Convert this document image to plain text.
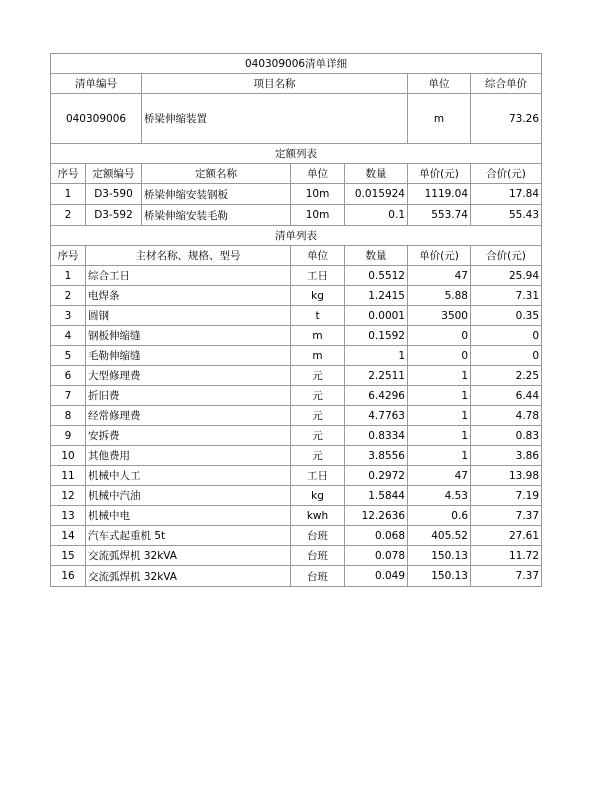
040309006清单详细						
清单编号		项目名称			单位	综合单价
040309006		桥梁伸缩装置			m	73.26
定额列表						
序号	定额编号	定额名称	单位	数量	单价(元)	合价(元)
1	D3-590	桥梁伸缩安装钢板	10m	0.015924	1119.04	17.84
2	D3-592	桥梁伸缩安装毛勒	10m	0.1	553.74	55.43
清单列表						
序号	主材名称、规格、型号		单位	数量	单价(元)	合价(元)
1	综合工日		工日	0.5512	47	25.94
2	电焊条		kg	1.2415	5.88	7.31
3	圆钢		t	0.0001	3500	0.35
4	钢板伸缩缝		m	0.1592	0	0
5	毛勒伸缩缝		m	1	0	0
6	大型修理费		元	2.2511	1	2.25
7	折旧费		元	6.4296	1	6.44
8	经常修理费		元	4.7763	1	4.78
9	安拆费		元	0.8334	1	0.83
10	其他费用		元	3.8556	1	3.86
11	机械中人工		工日	0.2972	47	13.98
12	机械中汽油		kg	1.5844	4.53	7.19
13	机械中电		kwh	12.2636	0.6	7.37
14	汽车式起重机 5t		台班	0.068	405.52	27.61
15	交流弧焊机 32kVA		台班	0.078	150.13	11.72
16	交流弧焊机 32kVA		台班	0.049	150.13	7.37
